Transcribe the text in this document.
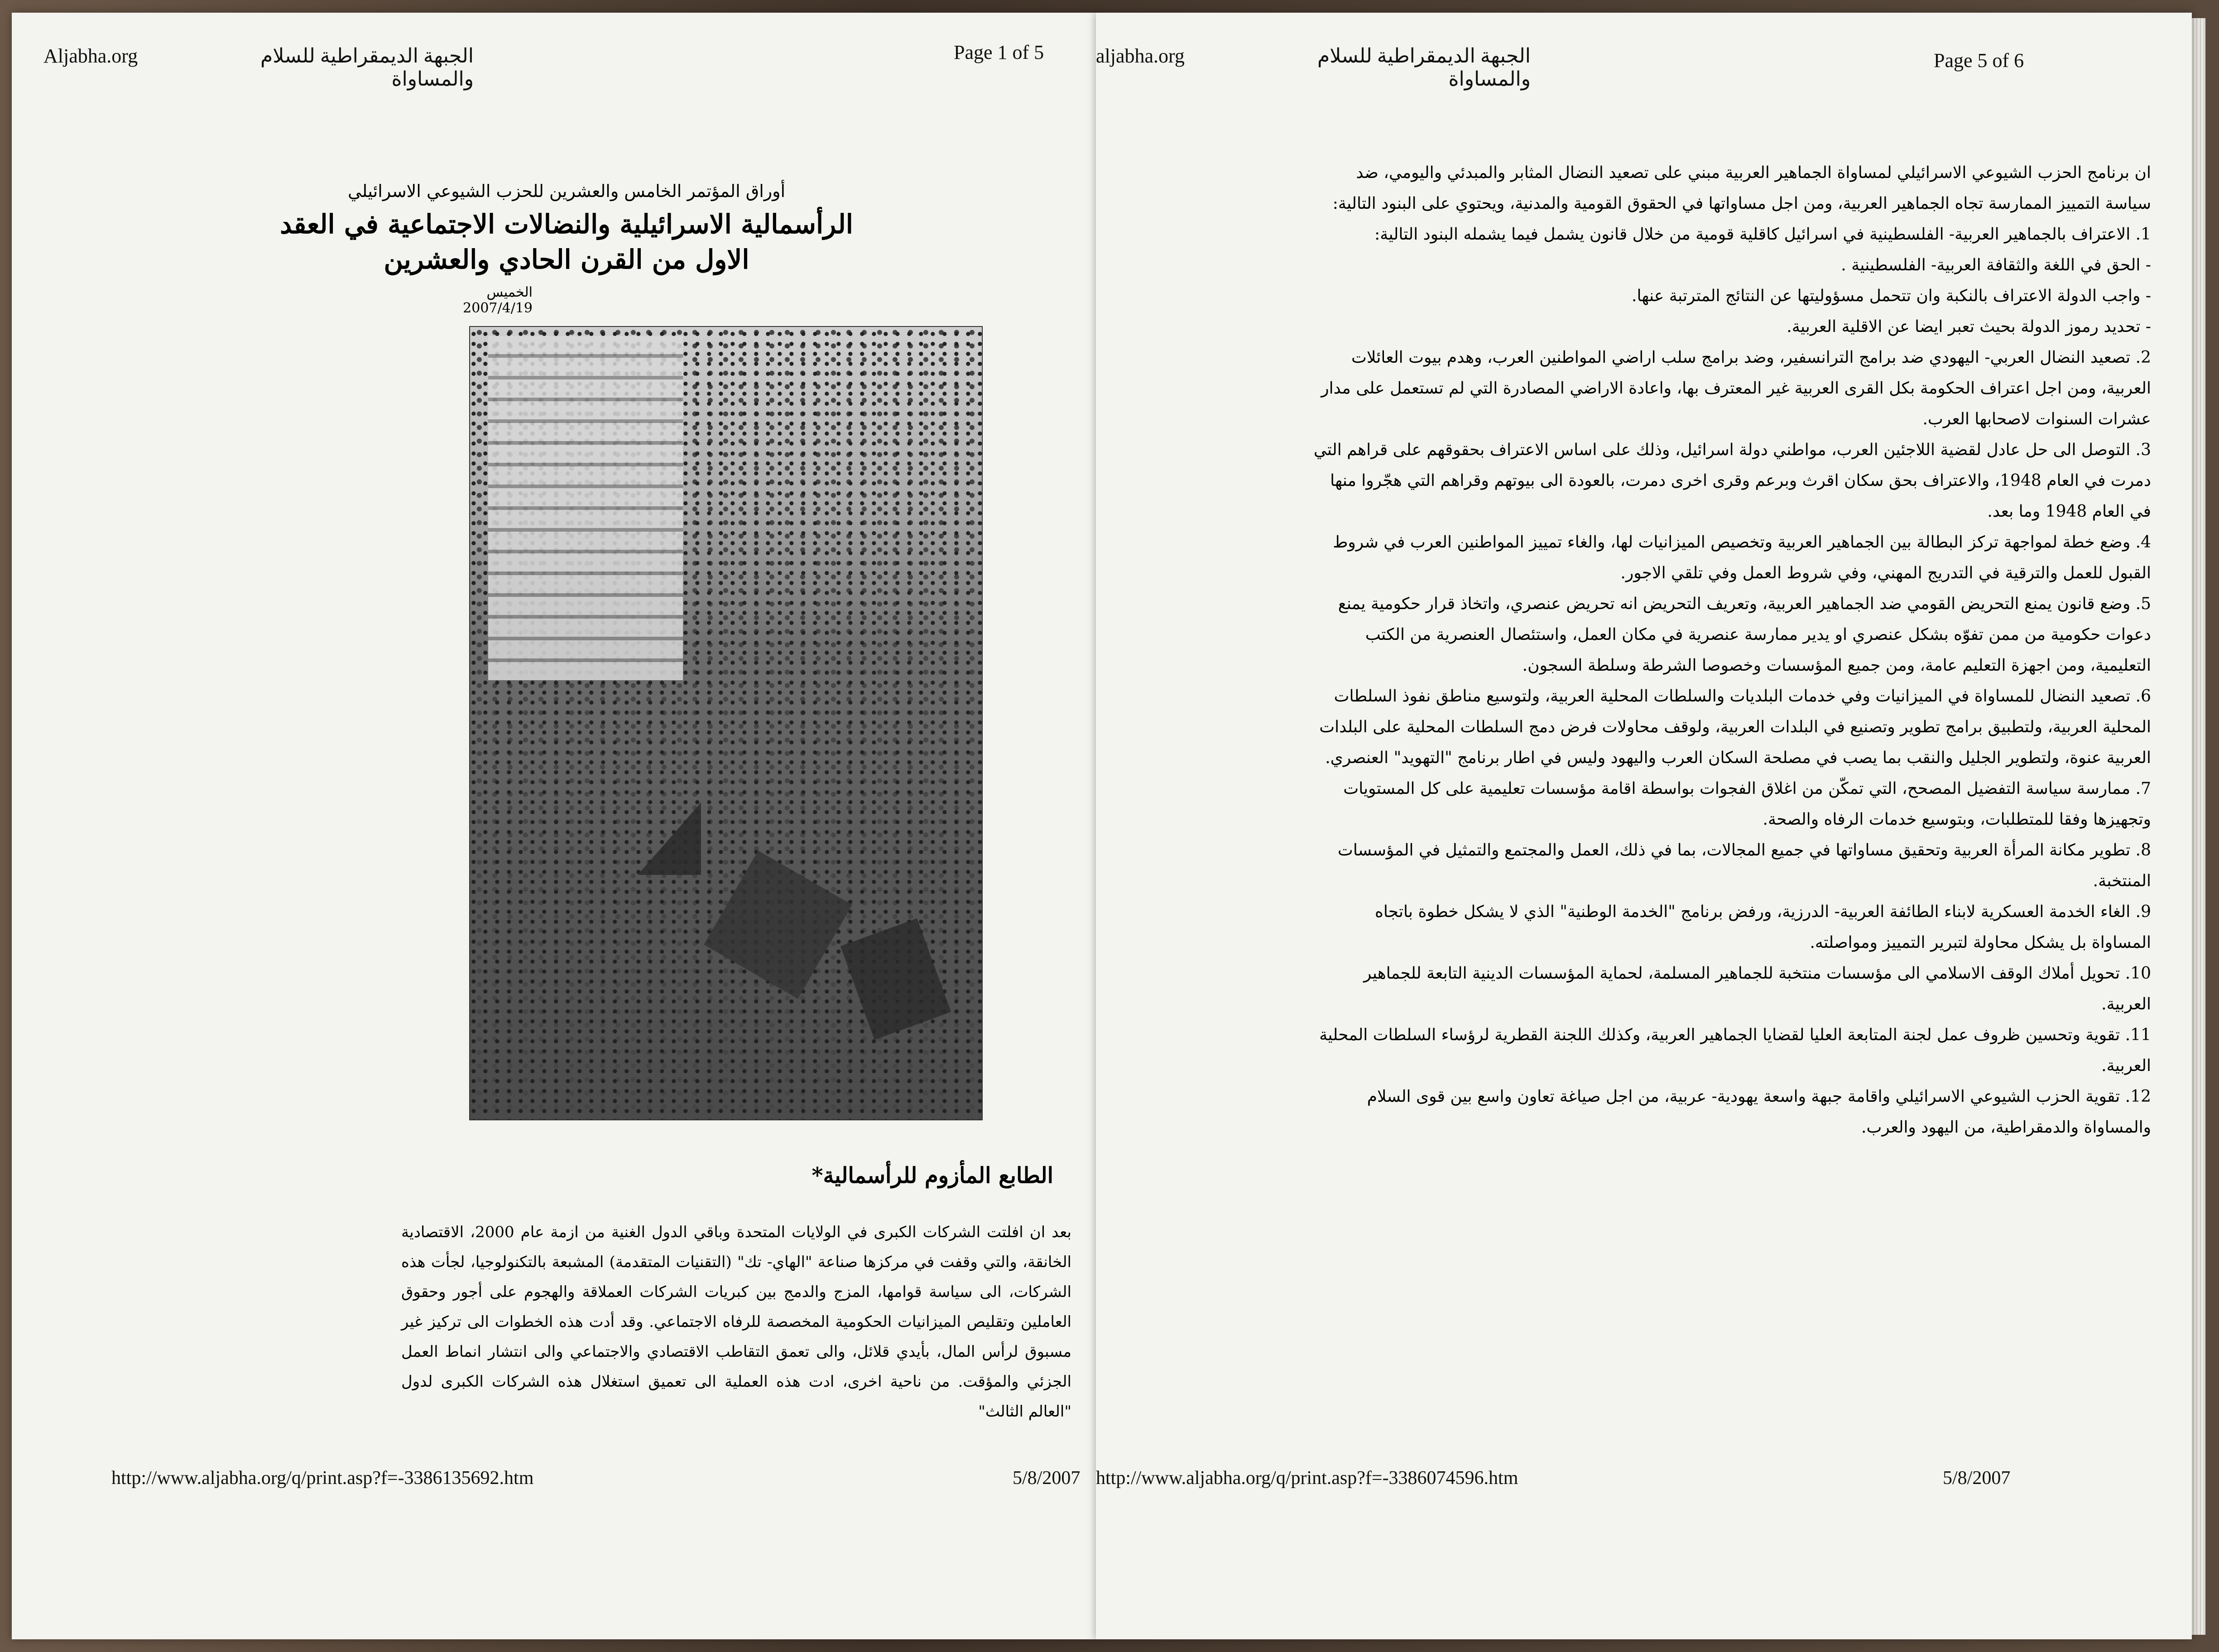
Aljabha.org	الجبهة الديمقراطية للسلام والمساواة
Page 1 of 5
أوراق المؤتمر الخامس والعشرين للحزب الشيوعي الاسرائيلي
الرأسمالية الاسرائيلية والنضالات الاجتماعية في العقد الاول من القرن الحادي والعشرين
الخميس 2007/4/19
الطابع المأزوم للرأسمالية*
بعد ان افلتت الشركات الكبرى في الولايات المتحدة وباقي الدول الغنية من ازمة عام 2000، الاقتصادية الخانقة، والتي وقفت في مركزها صناعة "الهاي- تك" (التقنيات المتقدمة) المشبعة بالتكنولوجيا، لجأت هذه الشركات، الى سياسة قوامها، المزج والدمج بين كبريات الشركات العملاقة والهجوم على أجور وحقوق العاملين وتقليص الميزانيات الحكومية المخصصة للرفاه الاجتماعي. وقد أدت هذه الخطوات الى تركيز غير مسبوق لرأس المال، بأيدي قلائل، والى تعمق التقاطب الاقتصادي والاجتماعي والى انتشار انماط العمل الجزئي والمؤقت. من ناحية اخرى، ادت هذه العملية الى تعميق استغلال هذه الشركات الكبرى لدول "العالم الثالث"
http://www.aljabha.org/q/print.asp?f=-3386135692.htm	5/8/2007
aljabha.org	الجبهة الديمقراطية للسلام والمساواة
Page 5 of 6

ان برنامج الحزب الشيوعي الاسرائيلي لمساواة الجماهير العربية مبني على تصعيد النضال المثابر والمبدئي واليومي، ضد سياسة التمييز الممارسة تجاه الجماهير العربية، ومن اجل مساواتها في الحقوق القومية والمدنية، ويحتوي على البنود التالية:

1. الاعتراف بالجماهير العربية- الفلسطينية في اسرائيل كاقلية قومية من خلال قانون يشمل فيما يشمله البنود التالية:

- الحق في اللغة والثقافة العربية- الفلسطينية .

- واجب الدولة الاعتراف بالنكبة وان تتحمل مسؤوليتها عن النتائج المترتبة عنها.

- تحديد رموز الدولة بحيث تعبر ايضا عن الاقلية العربية.

2. تصعيد النضال العربي- اليهودي ضد برامج الترانسفير، وضد برامج سلب اراضي المواطنين العرب، وهدم بيوت العائلات العربية، ومن اجل اعتراف الحكومة بكل القرى العربية غير المعترف بها، واعادة الاراضي المصادرة التي لم تستعمل على مدار عشرات السنوات لاصحابها العرب.

3. التوصل الى حل عادل لقضية اللاجئين العرب، مواطني دولة اسرائيل، وذلك على اساس الاعتراف بحقوقهم على قراهم التي دمرت في العام 1948، والاعتراف بحق سكان اقرث وبرعم وقرى اخرى دمرت، بالعودة الى بيوتهم وقراهم التي هجّروا منها في العام 1948 وما بعد.

4. وضع خطة لمواجهة تركز البطالة بين الجماهير العربية وتخصيص الميزانيات لها، والغاء تمييز المواطنين العرب في شروط القبول للعمل والترقية في التدريج المهني، وفي شروط العمل وفي تلقي الاجور.

5. وضع قانون يمنع التحريض القومي ضد الجماهير العربية، وتعريف التحريض انه تحريض عنصري، واتخاذ قرار حكومية يمنع دعوات حكومية من ممن تفوّه بشكل عنصري او يدير ممارسة عنصرية في مكان العمل، واستئصال العنصرية من الكتب التعليمية، ومن اجهزة التعليم عامة، ومن جميع المؤسسات وخصوصا الشرطة وسلطة السجون.

6. تصعيد النضال للمساواة في الميزانيات وفي خدمات البلديات والسلطات المحلية العربية، ولتوسيع مناطق نفوذ السلطات المحلية العربية، ولتطبيق برامج تطوير وتصنيع في البلدات العربية، ولوقف محاولات فرض دمج السلطات المحلية على البلدات العربية عنوة، ولتطوير الجليل والنقب بما يصب في مصلحة السكان العرب واليهود وليس في اطار برنامج "التهويد" العنصري.

7. ممارسة سياسة التفضيل المصحح، التي تمكّن من اغلاق الفجوات بواسطة اقامة مؤسسات تعليمية على كل المستويات وتجهيزها وفقا للمتطلبات، وبتوسيع خدمات الرفاه والصحة.

8. تطوير مكانة المرأة العربية وتحقيق مساواتها في جميع المجالات، بما في ذلك، العمل والمجتمع والتمثيل في المؤسسات المنتخبة.

9. الغاء الخدمة العسكرية لابناء الطائفة العربية- الدرزية، ورفض برنامج "الخدمة الوطنية" الذي لا يشكل خطوة باتجاه المساواة بل يشكل محاولة لتبرير التمييز ومواصلته.

10. تحويل أملاك الوقف الاسلامي الى مؤسسات منتخبة للجماهير المسلمة، لحماية المؤسسات الدينية التابعة للجماهير العربية.

11. تقوية وتحسين ظروف عمل لجنة المتابعة العليا لقضايا الجماهير العربية، وكذلك اللجنة القطرية لرؤساء السلطات المحلية العربية.

12. تقوية الحزب الشيوعي الاسرائيلي واقامة جبهة واسعة يهودية- عربية، من اجل صياغة تعاون واسع بين قوى السلام والمساواة والدمقراطية، من اليهود والعرب.

http://www.aljabha.org/q/print.asp?f=-3386074596.htm	5/8/2007
